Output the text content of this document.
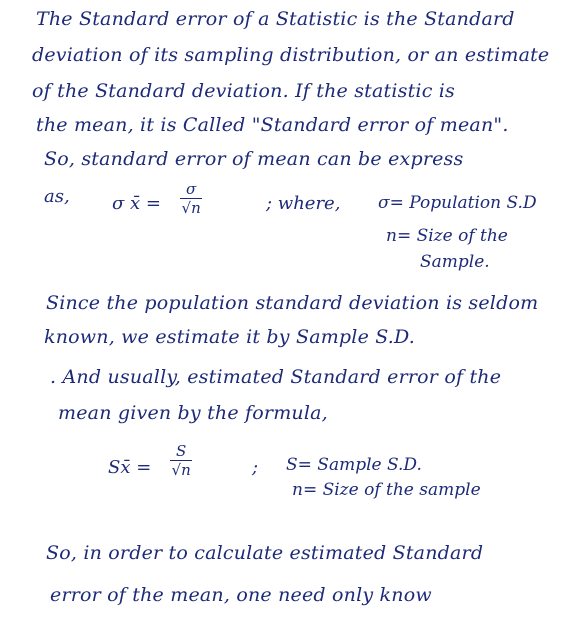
The Standard error of a Statistic is the Standard
deviation of its sampling distribution, or an estimate
of the Standard deviation. If the statistic is
the mean, it is Called "Standard error of mean".
So, standard error of mean can be express
as, σ x̄ = $\frac{\sigma}{√n}$	; where, σ= Population S.D
n= Size of the
Sample.
Since the population standard deviation is seldom
known, we estimate it by Sample S.D.
. And usually, estimated Standard error of the
mean given by the formula,
Sx̄ = $\frac{S}{√n}$	; S= Sample S.D.
n= Size of the sample
So, in order to calculate estimated Standard
error of the mean, one need only know
